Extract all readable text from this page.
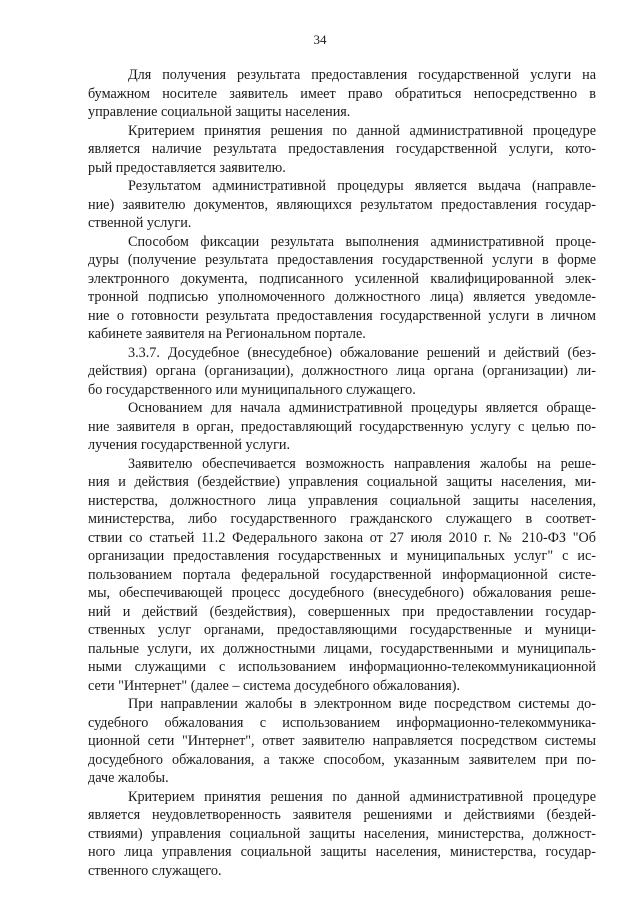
34
Для получения результата предоставления государственной услуги на
бумажном носителе заявитель имеет право обратиться непосредственно в
управление социальной защиты населения.
Критерием принятия решения по данной административной процедуре
является наличие результата предоставления государственной услуги, кото-
рый предоставляется заявителю.
Результатом административной процедуры является выдача (направле-
ние) заявителю документов, являющихся результатом предоставления государ-
ственной услуги.
Способом фиксации результата выполнения административной проце-
дуры (получение результата предоставления государственной услуги в форме
электронного документа, подписанного усиленной квалифицированной элек-
тронной подписью уполномоченного должностного лица) является уведомле-
ние о готовности результата предоставления государственной услуги в личном
кабинете заявителя на Региональном портале.
3.3.7. Досудебное (внесудебное) обжалование решений и действий (без-
действия) органа (организации), должностного лица органа (организации) ли-
бо государственного или муниципального служащего.
Основанием для начала административной процедуры является обраще-
ние заявителя в орган, предоставляющий государственную услугу с целью по-
лучения государственной услуги.
Заявителю обеспечивается возможность направления жалобы на реше-
ния и действия (бездействие) управления социальной защиты населения, ми-
нистерства, должностного лица управления социальной защиты населения,
министерства, либо государственного гражданского служащего в соответ-
ствии со статьей 11.2 Федерального закона от 27 июля 2010 г. № 210-ФЗ "Об
организации предоставления государственных и муниципальных услуг" с ис-
пользованием портала федеральной государственной информационной систе-
мы, обеспечивающей процесс досудебного (внесудебного) обжалования реше-
ний и действий (бездействия), совершенных при предоставлении государ-
ственных услуг органами, предоставляющими государственные и муници-
пальные услуги, их должностными лицами, государственными и муниципаль-
ными служащими с использованием информационно-телекоммуникационной
сети "Интернет" (далее – система досудебного обжалования).
При направлении жалобы в электронном виде посредством системы до-
судебного обжалования с использованием информационно-телекоммуника-
ционной сети "Интернет", ответ заявителю направляется посредством системы
досудебного обжалования, а также способом, указанным заявителем при по-
даче жалобы.
Критерием принятия решения по данной административной процедуре
является неудовлетворенность заявителя решениями и действиями (бездей-
ствиями) управления социальной защиты населения, министерства, должност-
ного лица управления социальной защиты населения, министерства, государ-
ственного служащего.
